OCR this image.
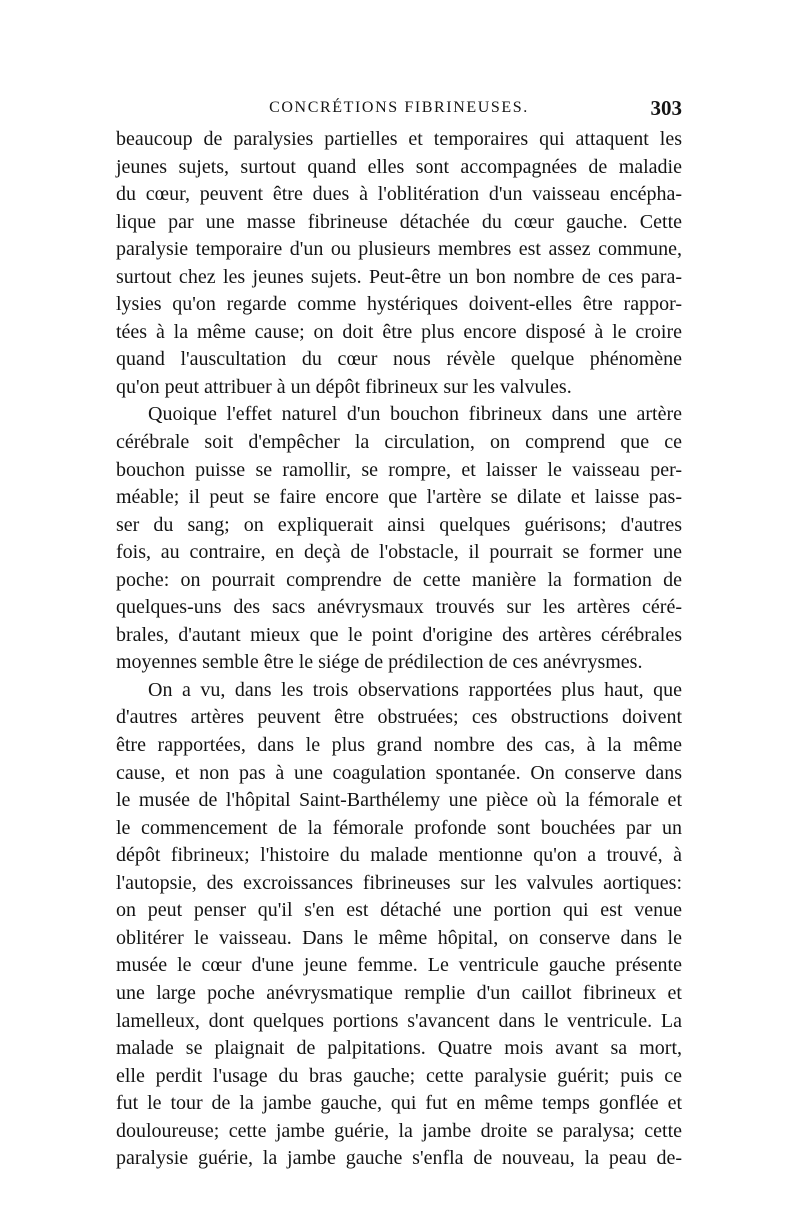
CONCRÉTIONS FIBRINEUSES.	303
beaucoup de paralysies partielles et temporaires qui attaquent les
jeunes sujets, surtout quand elles sont accompagnées de maladie
du cœur, peuvent être dues à l'oblitération d'un vaisseau encépha-
lique par une masse fibrineuse détachée du cœur gauche. Cette
paralysie temporaire d'un ou plusieurs membres est assez commune,
surtout chez les jeunes sujets. Peut-être un bon nombre de ces para-
lysies qu'on regarde comme hystériques doivent-elles être rappor-
tées à la même cause; on doit être plus encore disposé à le croire
quand l'auscultation du cœur nous révèle quelque phénomène
qu'on peut attribuer à un dépôt fibrineux sur les valvules.
Quoique l'effet naturel d'un bouchon fibrineux dans une artère
cérébrale soit d'empêcher la circulation, on comprend que ce
bouchon puisse se ramollir, se rompre, et laisser le vaisseau per-
méable; il peut se faire encore que l'artère se dilate et laisse pas-
ser du sang; on expliquerait ainsi quelques guérisons; d'autres
fois, au contraire, en deçà de l'obstacle, il pourrait se former une
poche: on pourrait comprendre de cette manière la formation de
quelques-uns des sacs anévrysmaux trouvés sur les artères céré-
brales, d'autant mieux que le point d'origine des artères cérébrales
moyennes semble être le siége de prédilection de ces anévrysmes.
On a vu, dans les trois observations rapportées plus haut, que
d'autres artères peuvent être obstruées; ces obstructions doivent
être rapportées, dans le plus grand nombre des cas, à la même
cause, et non pas à une coagulation spontanée. On conserve dans
le musée de l'hôpital Saint-Barthélemy une pièce où la fémorale et
le commencement de la fémorale profonde sont bouchées par un
dépôt fibrineux; l'histoire du malade mentionne qu'on a trouvé, à
l'autopsie, des excroissances fibrineuses sur les valvules aortiques:
on peut penser qu'il s'en est détaché une portion qui est venue
oblitérer le vaisseau. Dans le même hôpital, on conserve dans le
musée le cœur d'une jeune femme. Le ventricule gauche présente
une large poche anévrysmatique remplie d'un caillot fibrineux et
lamelleux, dont quelques portions s'avancent dans le ventricule. La
malade se plaignait de palpitations. Quatre mois avant sa mort,
elle perdit l'usage du bras gauche; cette paralysie guérit; puis ce
fut le tour de la jambe gauche, qui fut en même temps gonflée et
douloureuse; cette jambe guérie, la jambe droite se paralysa; cette
paralysie guérie, la jambe gauche s'enfla de nouveau, la peau de-
